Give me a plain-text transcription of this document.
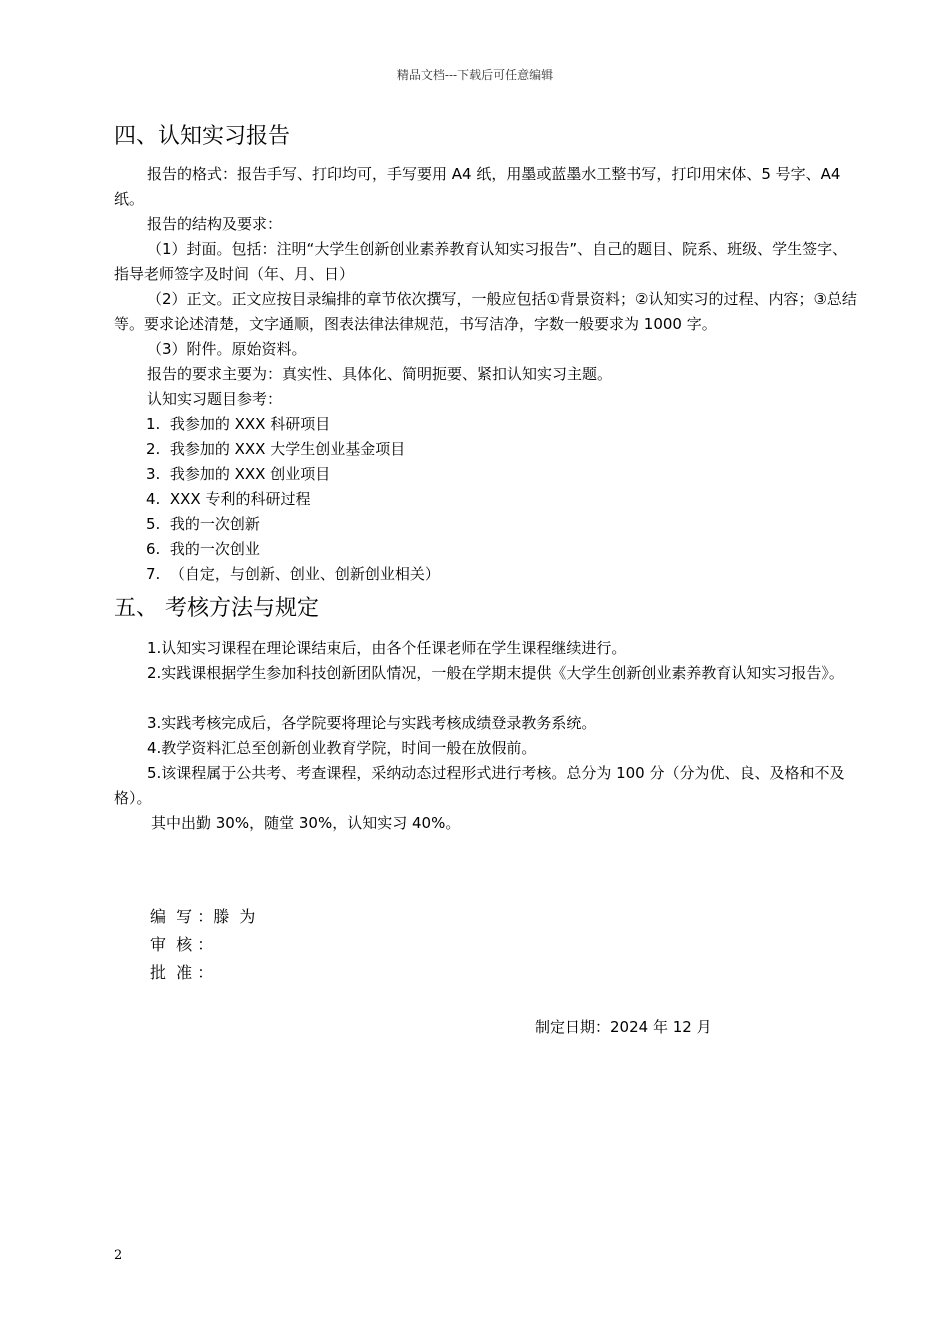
精品文档---下载后可任意编辑
四、认知实习报告

报告的格式：报告手写、打印均可，手写要用 A4 纸，用墨或蓝墨水工整书写，打印用宋体、5 号字、A4 纸。

报告的结构及要求：

（1）封面。包括：注明“大学生创新创业素养教育认知实习报告”、自己的题目、院系、班级、学生签字、指导老师签字及时间（年、月、日）

（2）正文。正文应按目录编排的章节依次撰写，一般应包括①背景资料；②认知实习的过程、内容；③总结等。要求论述清楚，文字通顺，图表法律法律规范，书写洁净，字数一般要求为 1000 字。

（3）附件。原始资料。

报告的要求主要为：真实性、具体化、简明扼要、紧扣认知实习主题。

认知实习题目参考：

1.  我参加的 XXX 科研项目
2.  我参加的 XXX 大学生创业基金项目
3.  我参加的 XXX 创业项目
4.  XXX 专利的科研过程
5.  我的一次创新
6.  我的一次创业
7.  （自定，与创新、创业、创新创业相关）
五、 考核方法与规定

1.认知实习课程在理论课结束后，由各个任课老师在学生课程继续进行。

2.实践课根据学生参加科技创新团队情况，一般在学期末提供《大学生创新创业素养教育认知实习报告》。

3.实践考核完成后，各学院要将理论与实践考核成绩登录教务系统。

4.教学资料汇总至创新创业教育学院，时间一般在放假前。

5.该课程属于公共考、考查课程，采纳动态过程形式进行考核。总分为 100 分（分为优、良、及格和不及格）。

其中出勤 30%，随堂 30%，认知实习 40%。

编  写 ：滕  为
审  核 ：
批  准 ：
制定日期：2024 年 12 月
2
